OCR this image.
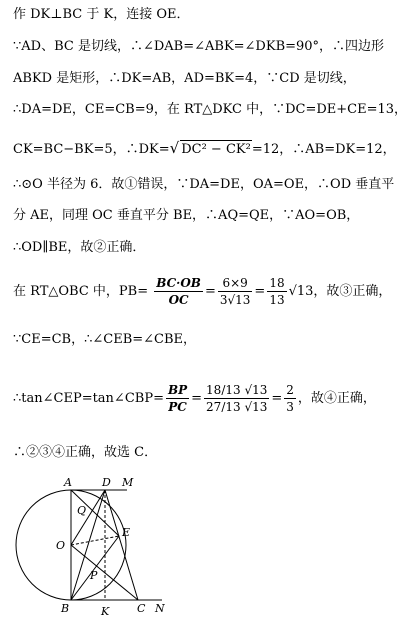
作 DK⊥BC 于 K，连接 OE．
∵AD、BC 是切线，∴∠DAB=∠ABK=∠DKB=90°，∴四边形
ABKD 是矩形，∴DK=AB，AD=BK=4，∵CD 是切线，
∴DA=DE，CE=CB=9，在 RT△DKC 中，∵DC=DE+CE=13，
CK=BC−BK=5，∴DK=√ DC² − CK²=12，∴AB=DK=12，
∴⊙O 半径为 6．故①错误，∵DA=DE，OA=OE，∴OD 垂直平
分 AE，同理 OC 垂直平分 BE，∴AQ=QE，∵AO=OB，
∴OD∥BE，故②正确．
在 RT△OBC 中，$PB= \frac{BC\cdot OB}{OC} = \frac{6\times 9}{3√13} = \frac{18}{13} √13$，故③正确，
∵CE=CB，∴∠CEB=∠CBE，
∴tan∠CEP=tan∠CBP= $\frac{BP}{PC} = \frac{18/13 √13}{27/13 √13} = \frac{2}{3}$ ，故④正确，
∴②③④正确，故选 C．
A	D M
Q
O
E
P
B	K	C N
